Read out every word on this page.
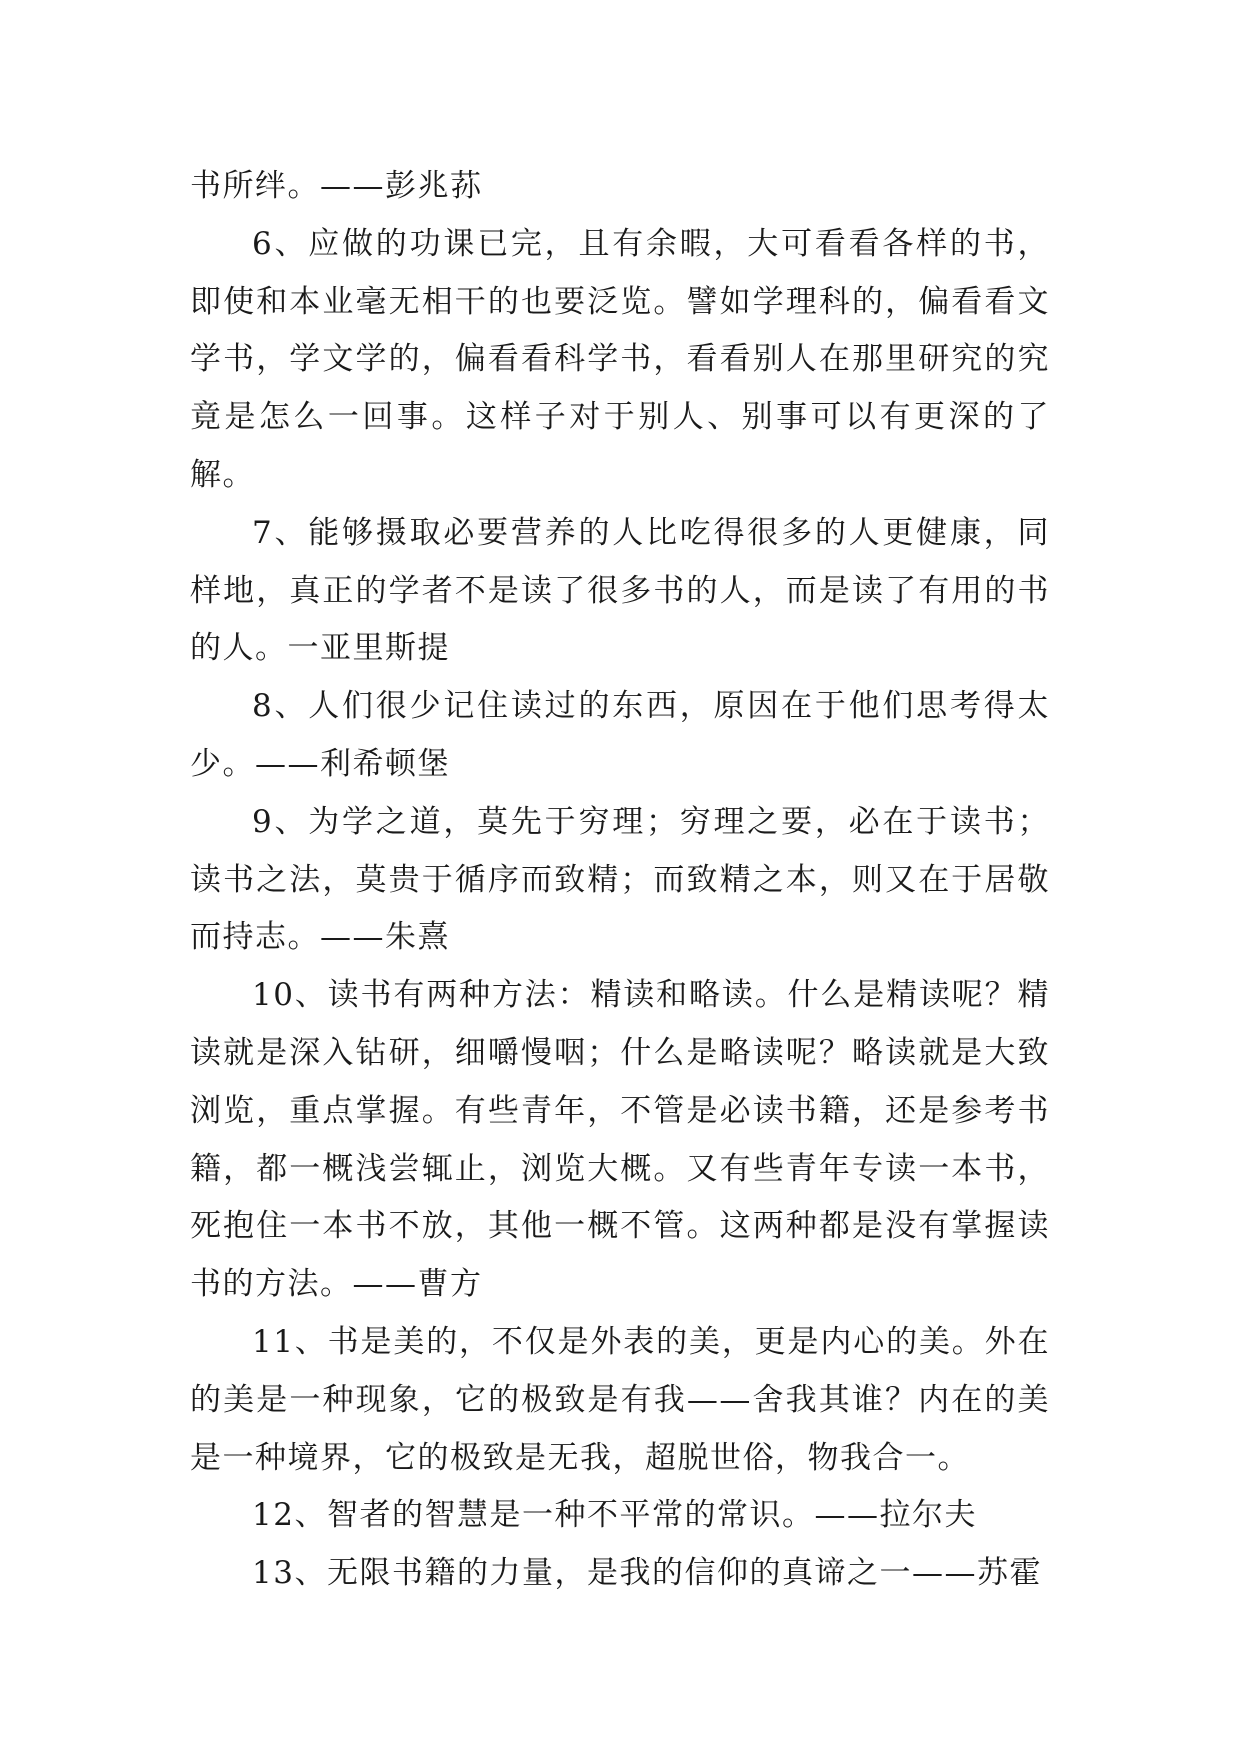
书所绊。——彭兆荪

6、应做的功课已完，且有余暇，大可看看各样的书，即使和本业毫无相干的也要泛览。譬如学理科的，偏看看文学书，学文学的，偏看看科学书，看看别人在那里研究的究竟是怎么一回事。这样子对于别人、别事可以有更深的了解。

7、能够摄取必要营养的人比吃得很多的人更健康，同样地，真正的学者不是读了很多书的人，而是读了有用的书的人。一亚里斯提

8、人们很少记住读过的东西，原因在于他们思考得太少。——利希顿堡

9、为学之道，莫先于穷理；穷理之要，必在于读书；读书之法，莫贵于循序而致精；而致精之本，则又在于居敬而持志。——朱熹

10、读书有两种方法：精读和略读。什么是精读呢？精读就是深入钻研，细嚼慢咽；什么是略读呢？略读就是大致浏览，重点掌握。有些青年，不管是必读书籍，还是参考书籍，都一概浅尝辄止，浏览大概。又有些青年专读一本书，死抱住一本书不放，其他一概不管。这两种都是没有掌握读书的方法。——曹方

11、书是美的，不仅是外表的美，更是内心的美。外在的美是一种现象，它的极致是有我——舍我其谁？内在的美是一种境界，它的极致是无我，超脱世俗，物我合一。

12、智者的智慧是一种不平常的常识。——拉尔夫

13、无限书籍的力量，是我的信仰的真谛之一——苏霍
